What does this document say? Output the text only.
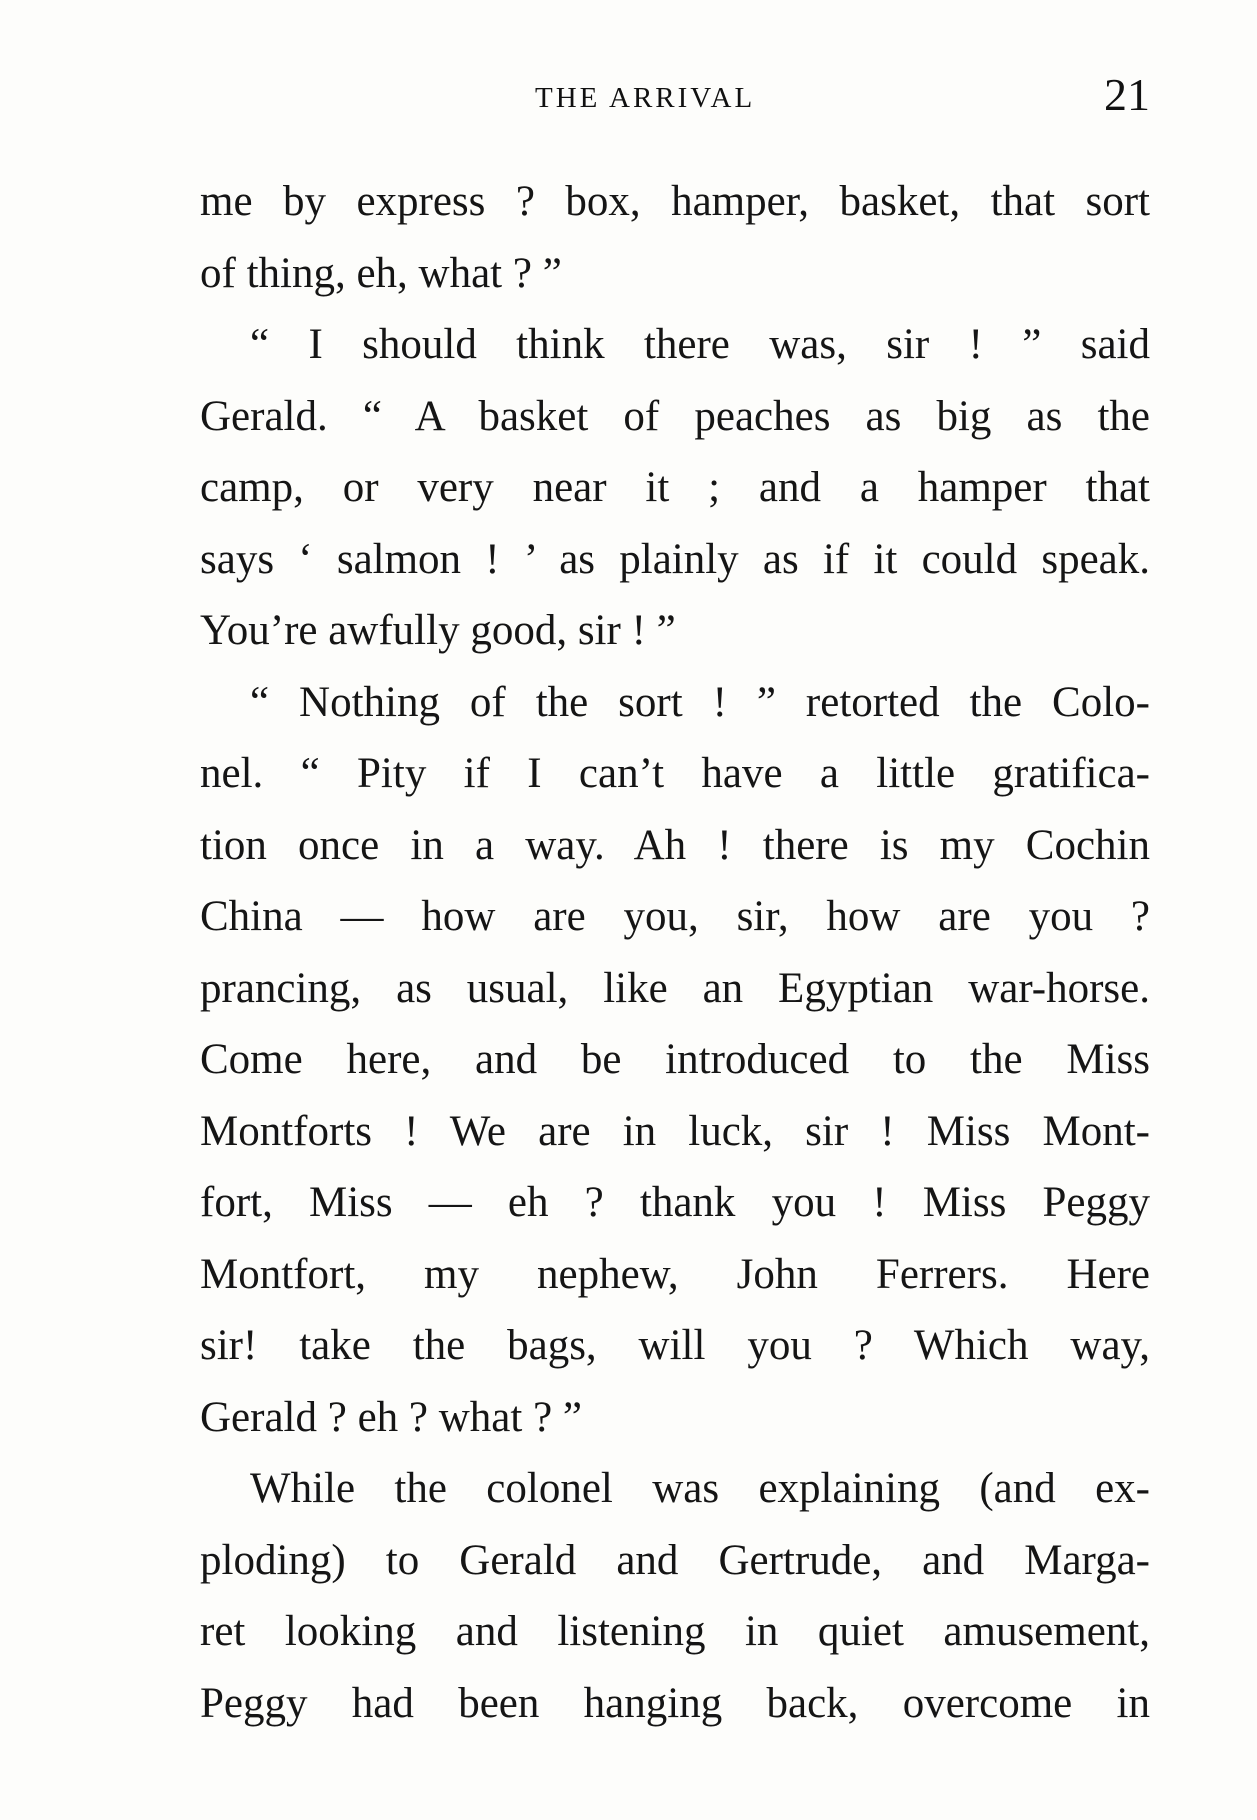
THE ARRIVAL	21
me by express ? box, hamper, basket, that sort
of thing, eh, what ? ”
“ I should think there was, sir ! ” said
Gerald. “ A basket of peaches as big as the
camp, or very near it ; and a hamper that
says ‘ salmon ! ’ as plainly as if it could speak.
You’re awfully good, sir ! ”
“ Nothing of the sort ! ” retorted the Colo-
nel. “ Pity if I can’t have a little gratifica-
tion once in a way. Ah ! there is my Cochin
China — how are you, sir, how are you ?
prancing, as usual, like an Egyptian war-horse.
Come here, and be introduced to the Miss
Montforts ! We are in luck, sir ! Miss Mont-
fort, Miss — eh ? thank you ! Miss Peggy
Montfort, my nephew, John Ferrers. Here
sir! take the bags, will you ? Which way,
Gerald ? eh ? what ? ”
While the colonel was explaining (and ex-
ploding) to Gerald and Gertrude, and Marga-
ret looking and listening in quiet amusement,
Peggy had been hanging back, overcome in
